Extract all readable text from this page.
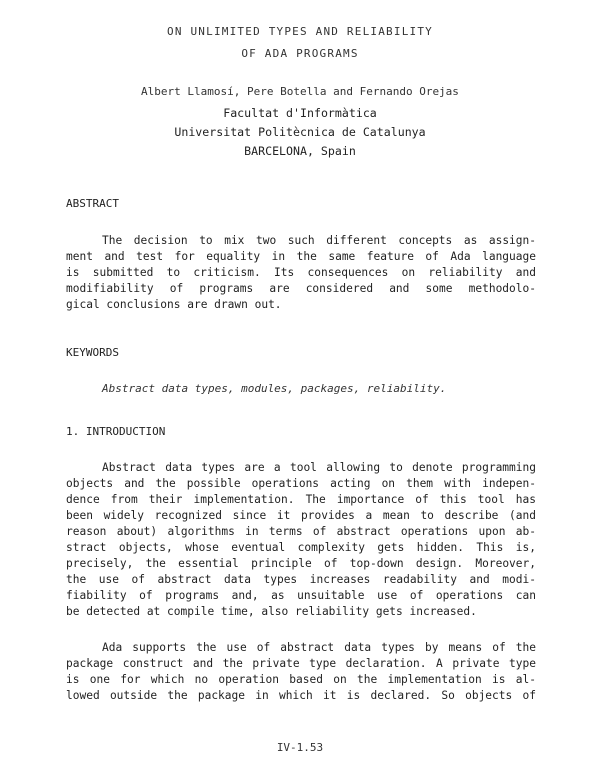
ON UNLIMITED TYPES AND RELIABILITY
OF ADA PROGRAMS
Albert Llamosí, Pere Botella and Fernando Orejas
Facultat d'Informàtica
Universitat Politècnica de Catalunya
BARCELONA, Spain
ABSTRACT
The decision to mix two such different concepts as assign-
ment and test for equality in the same feature of Ada language
is submitted to criticism. Its consequences on reliability and
modifiability of programs are considered and some methodolo-
gical conclusions are drawn out.
KEYWORDS
Abstract data types, modules, packages, reliability.
1. INTRODUCTION
Abstract data types are a tool allowing to denote programming
objects and the possible operations acting on them with indepen-
dence from their implementation. The importance of this tool has
been widely recognized since it provides a mean to describe (and
reason about) algorithms in terms of abstract operations upon ab-
stract objects, whose eventual complexity gets hidden. This is,
precisely, the essential principle of top-down design. Moreover,
the use of abstract data types increases readability and modi-
fiability of programs and, as unsuitable use of operations can
be detected at compile time, also reliability gets increased.
Ada supports the use of abstract data types by means of the
package construct and the private type declaration. A private type
is one for which no operation based on the implementation is al-
lowed outside the package in which it is declared. So objects of
IV-1.53
